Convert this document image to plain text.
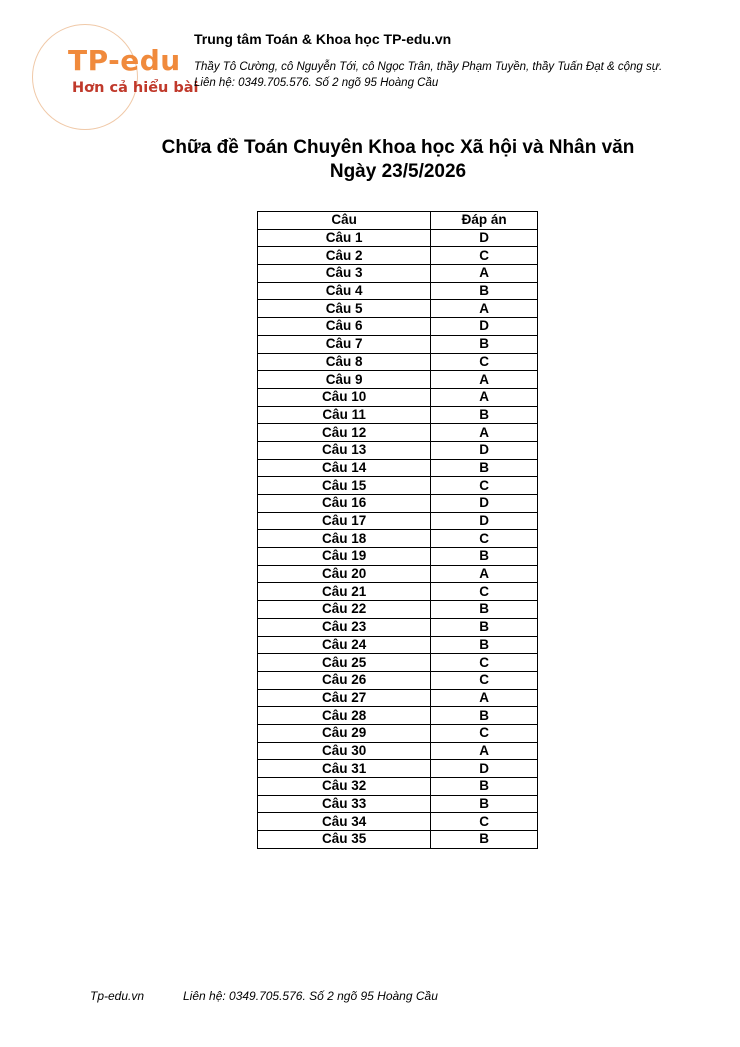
TP-edu
Hơn cả hiểu bài
Trung tâm Toán & Khoa học TP-edu.vn
Thầy Tô Cường, cô Nguyễn Tới, cô Ngọc Trân, thầy Phạm Tuyền, thầy Tuấn Đạt & cộng sự.
Liên hệ: 0349.705.576. Số 2 ngõ 95 Hoàng Cầu
Chữa đề Toán Chuyên Khoa học Xã hội và Nhân văn
Ngày 23/5/2026
Câu	Đáp án
Câu 1	D
Câu 2	C
Câu 3	A
Câu 4	B
Câu 5	A
Câu 6	D
Câu 7	B
Câu 8	C
Câu 9	A
Câu 10	A
Câu 11	B
Câu 12	A
Câu 13	D
Câu 14	B
Câu 15	C
Câu 16	D
Câu 17	D
Câu 18	C
Câu 19	B
Câu 20	A
Câu 21	C
Câu 22	B
Câu 23	B
Câu 24	B
Câu 25	C
Câu 26	C
Câu 27	A
Câu 28	B
Câu 29	C
Câu 30	A
Câu 31	D
Câu 32	B
Câu 33	B
Câu 34	C
Câu 35	B
Tp-edu.vn	Liên hệ: 0349.705.576. Số 2 ngõ 95 Hoàng Cầu
